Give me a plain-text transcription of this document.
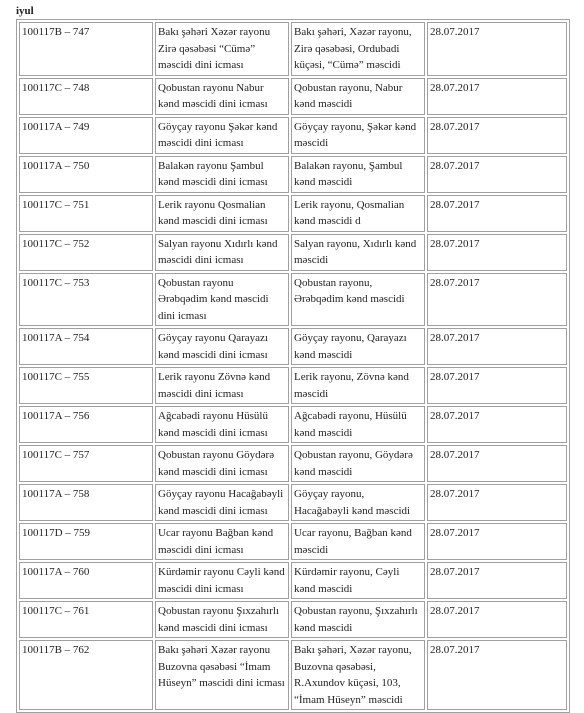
iyul

100117B – 747	Bakı şəhəri Xəzər rayonu
Zirə qəsəbəsi “Cümə”
məscidi dini icması	Bakı şəhəri, Xəzər rayonu,
Zirə qəsəbəsi, Ordubadi
küçəsi, “Cümə” məscidi	28.07.2017

100117C – 748	Qobustan rayonu Nabur
kənd məscidi dini icması	Qobustan rayonu, Nabur
kənd məscidi	28.07.2017

100117A – 749	Göyçay rayonu Şəkər kənd
məscidi dini icması	Göyçay rayonu, Şəkər kənd
məscidi	28.07.2017

100117A – 750	Balakən rayonu Şambul
kənd məscidi dini icması	Balakən rayonu, Şambul
kənd məscidi	28.07.2017

100117C – 751	Lerik rayonu Qosmalian
kənd məscidi dini icması	Lerik rayonu, Qosmalian
kənd məscidi d	28.07.2017

100117C – 752	Salyan rayonu Xıdırlı kənd
məscidi dini icması	Salyan rayonu, Xıdırlı kənd
məscidi	28.07.2017

100117C – 753	Qobustan rayonu
Ərəbqədim kənd məscidi
dini icması	Qobustan rayonu,
Ərəbqədim kənd məscidi	28.07.2017

100117A – 754	Göyçay rayonu Qarayazı
kənd məscidi dini icması	Göyçay rayonu, Qarayazı
kənd məscidi	28.07.2017

100117C – 755	Lerik rayonu Zövnə kənd
məscidi dini icması	Lerik rayonu, Zövnə kənd
məscidi	28.07.2017

100117A – 756	Ağcabədi rayonu Hüsülü
kənd məscidi dini icması	Ağcabədi rayonu, Hüsülü
kənd məscidi	28.07.2017

100117C – 757	Qobustan rayonu Göydərə
kənd məscidi dini icması	Qobustan rayonu, Göydərə
kənd məscidi	28.07.2017

100117A – 758	Göyçay rayonu Hacağabəyli
kənd məscidi dini icması	Göyçay rayonu,
Hacağabəyli kənd məscidi	28.07.2017

100117D – 759	Ucar rayonu Bağban kənd
məscidi dini icması	Ucar rayonu, Bağban kənd
məscidi	28.07.2017

100117A – 760	Kürdəmir rayonu Cəyli kənd
məscidi dini icması	Kürdəmir rayonu, Cəyli
kənd məscidi	28.07.2017

100117C – 761	Qobustan rayonu Şıxzahırlı
kənd məscidi dini icması	Qobustan rayonu, Şıxzahırlı
kənd məscidi	28.07.2017

100117B – 762	Bakı şəhəri Xəzər rayonu
Buzovna qəsəbəsi “İmam
Hüseyn” məscidi dini icması	Bakı şəhəri, Xəzər rayonu,
Buzovna qəsəbəsi,
R.Axundov küçəsi, 103,
“İmam Hüseyn” məscidi	28.07.2017
